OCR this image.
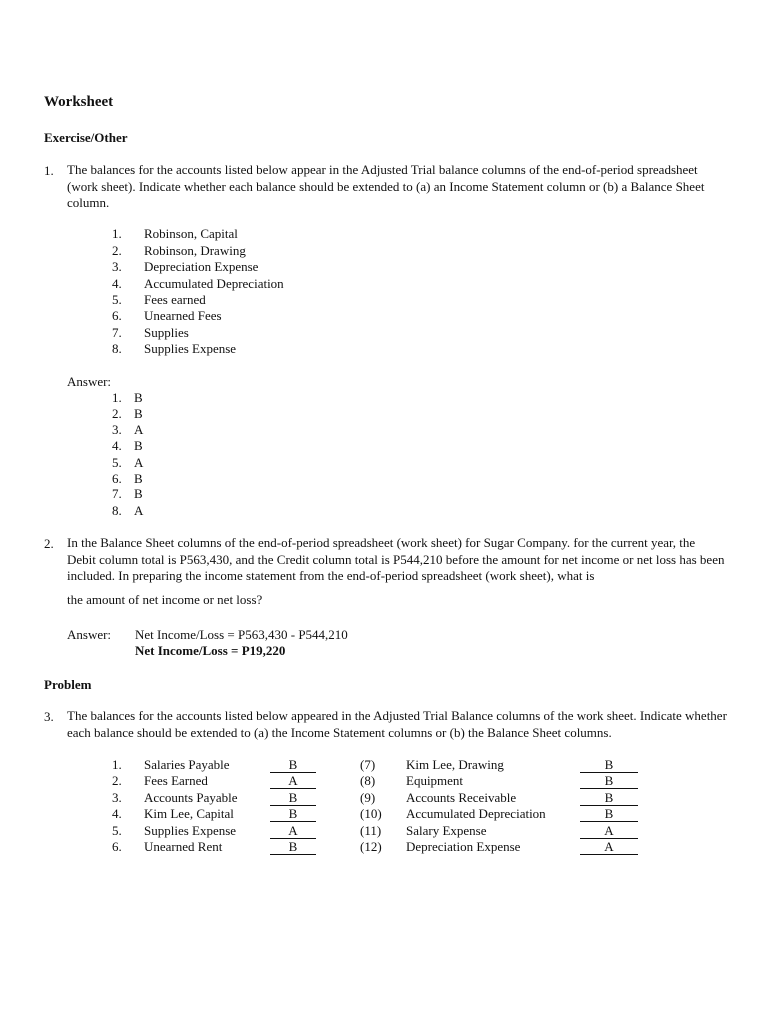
Worksheet
Exercise/Other
1. The balances for the accounts listed below appear in the Adjusted Trial balance columns of the end-of-period spreadsheet (work sheet). Indicate whether each balance should be extended to (a) an Income Statement column or (b) a Balance Sheet column.
1.	Robinson, Capital
2.	Robinson, Drawing
3.	Depreciation Expense
4.	Accumulated Depreciation
5.	Fees earned
6.	Unearned Fees
7.	Supplies
8.	Supplies Expense
Answer:
1. B
2. B
3. A
4. B
5. A
6. B
7. B
8. A
2. In the Balance Sheet columns of the end-of-period spreadsheet (work sheet) for Sugar Company. for the current year, the Debit column total is P563,430, and the Credit column total is P544,210 before the amount for net income or net loss has been included. In preparing the income statement from the end-of-period spreadsheet (work sheet), what is
the amount of net income or net loss?
Answer: Net Income/Loss = P563,430 - P544,210
Net Income/Loss = P19,220
Problem
3. The balances for the accounts listed below appeared in the Adjusted Trial Balance columns of the work sheet. Indicate whether each balance should be extended to (a) the Income Statement columns or (b) the Balance Sheet columns.
1. Salaries Payable	B
2. Fees Earned	A
3. Accounts Payable	B
4. Kim Lee, Capital	B
5. Supplies Expense	A
6. Unearned Rent	B
(7) Kim Lee, Drawing	B
(8) Equipment	B
(9) Accounts Receivable	B
(10) Accumulated Depreciation	B
(11) Salary Expense	A
(12) Depreciation Expense	A
